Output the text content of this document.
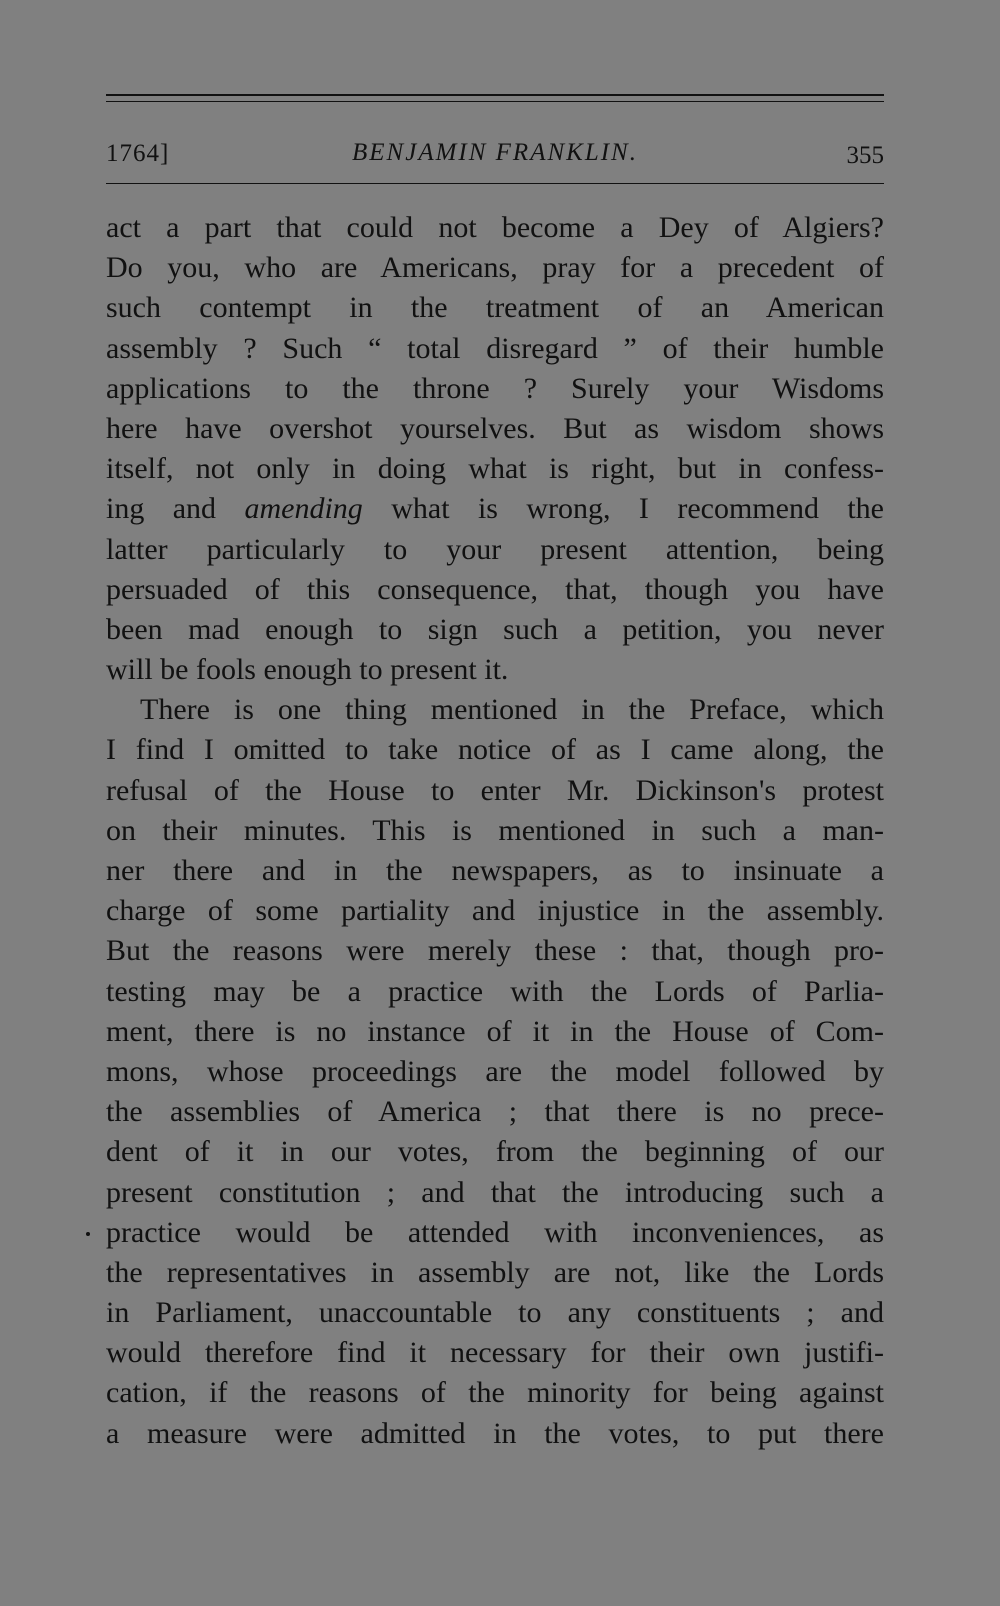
1764]	BENJAMIN FRANKLIN.	355
act a part that could not become a Dey of Algiers?
Do you, who are Americans, pray for a precedent of
such contempt in the treatment of an American
assembly ? Such “ total disregard ” of their humble
applications to the throne ? Surely your Wisdoms
here have overshot yourselves. But as wisdom shows
itself, not only in doing what is right, but in confess-
ing and amending what is wrong, I recommend the
latter particularly to your present attention, being
persuaded of this consequence, that, though you have
been mad enough to sign such a petition, you never
will be fools enough to present it.
There is one thing mentioned in the Preface, which
I find I omitted to take notice of as I came along, the
refusal of the House to enter Mr. Dickinson's protest
on their minutes. This is mentioned in such a man-
ner there and in the newspapers, as to insinuate a
charge of some partiality and injustice in the assembly.
But the reasons were merely these : that, though pro-
testing may be a practice with the Lords of Parlia-
ment, there is no instance of it in the House of Com-
mons, whose proceedings are the model followed by
the assemblies of America ; that there is no prece-
dent of it in our votes, from the beginning of our
present constitution ; and that the introducing such a
practice would be attended with inconveniences, as
the representatives in assembly are not, like the Lords
in Parliament, unaccountable to any constituents ; and
would therefore find it necessary for their own justifi-
cation, if the reasons of the minority for being against
a measure were admitted in the votes, to put there
